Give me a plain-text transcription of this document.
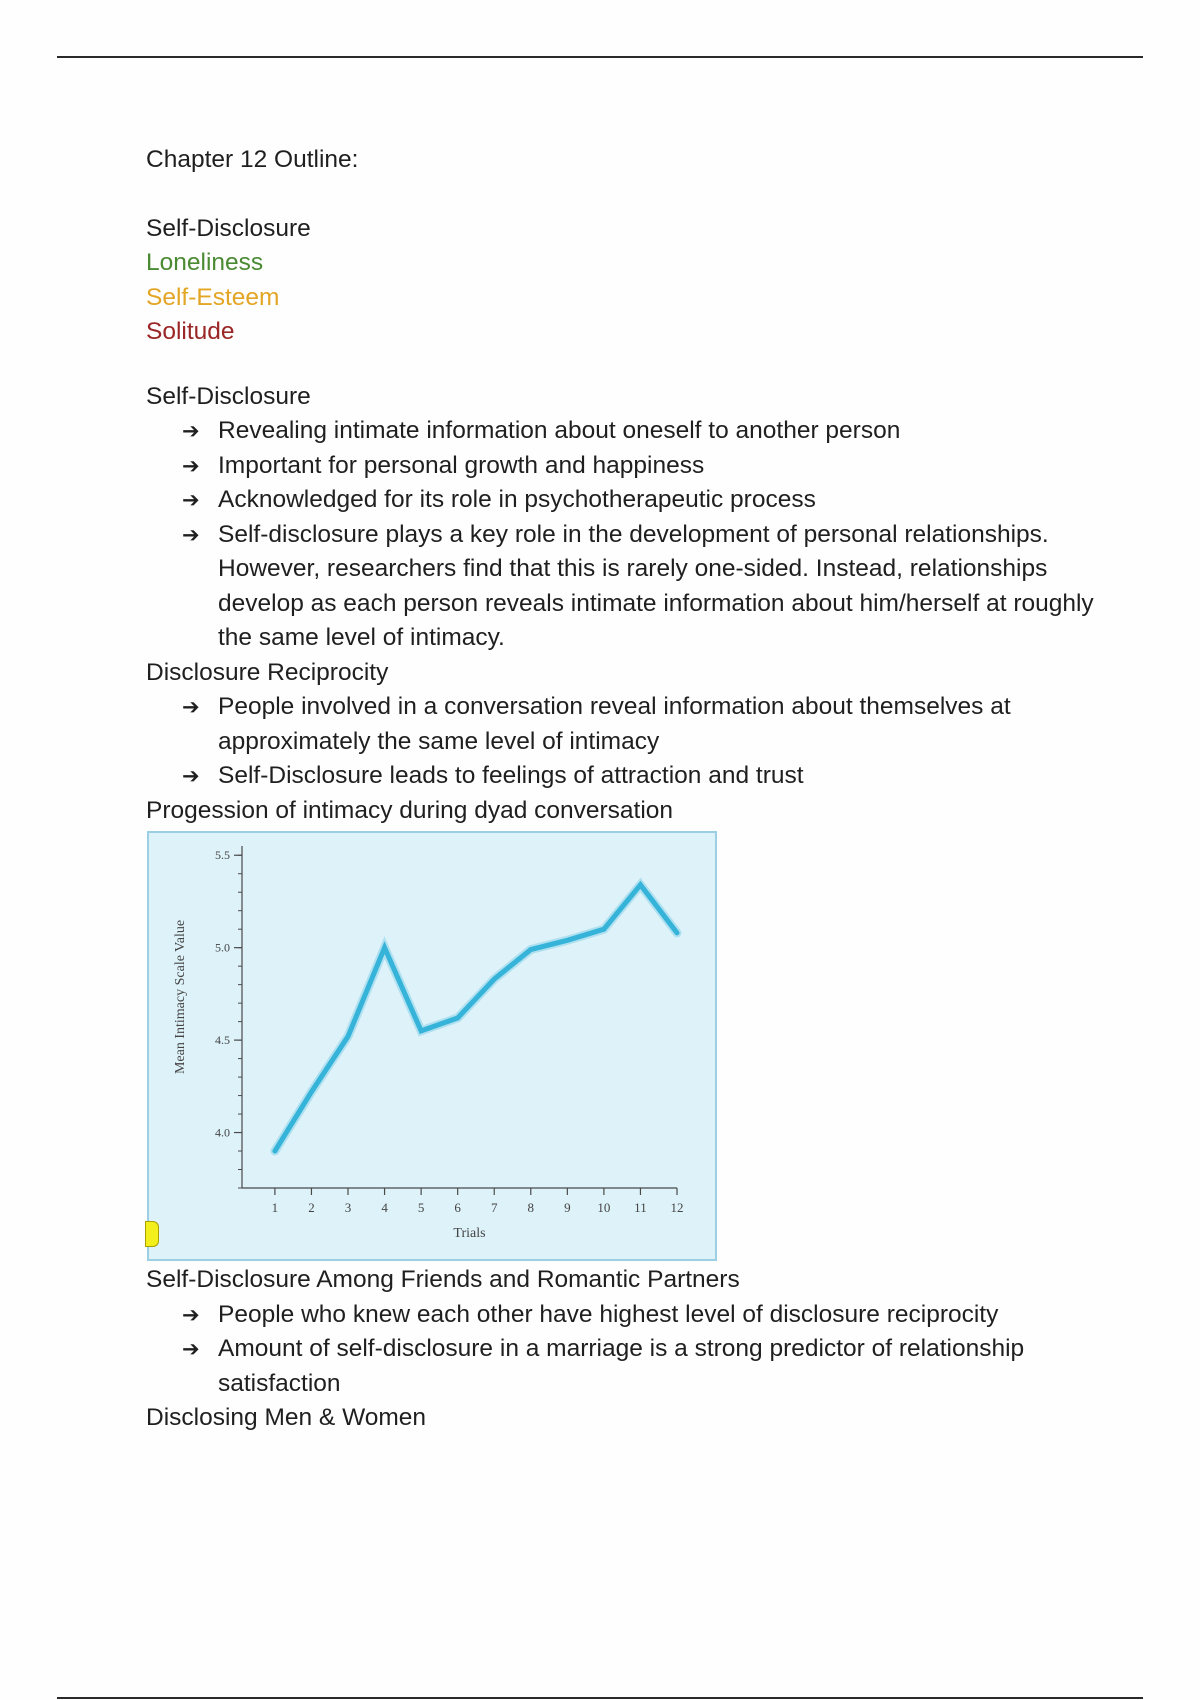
Chapter 12 Outline:

Self-Disclosure

Loneliness

Self-Esteem

Solitude

Self-Disclosure

➔ Revealing intimate information about oneself to another person
➔ Important for personal growth and happiness
➔ Acknowledged for its role in psychotherapeutic process
➔ Self-disclosure plays a key role in the development of personal relationships. However, researchers find that this is rarely one-sided. Instead, relationships develop as each person reveals intimate information about him/herself at roughly the same level of intimacy.

Disclosure Reciprocity

➔ People involved in a conversation reveal information about themselves at approximately the same level of intimacy
➔ Self-Disclosure leads to feelings of attraction and trust

Progession of intimacy during dyad conversation

4.0
4.5
5.0
5.5
1 2 3 4 5 6 7 8 9 10 11 12
Trials
Mean Intimacy Scale Value

Self-Disclosure Among Friends and Romantic Partners

➔ People who knew each other have highest level of disclosure reciprocity
➔ Amount of self-disclosure in a marriage is a strong predictor of relationship satisfaction

Disclosing Men & Women
